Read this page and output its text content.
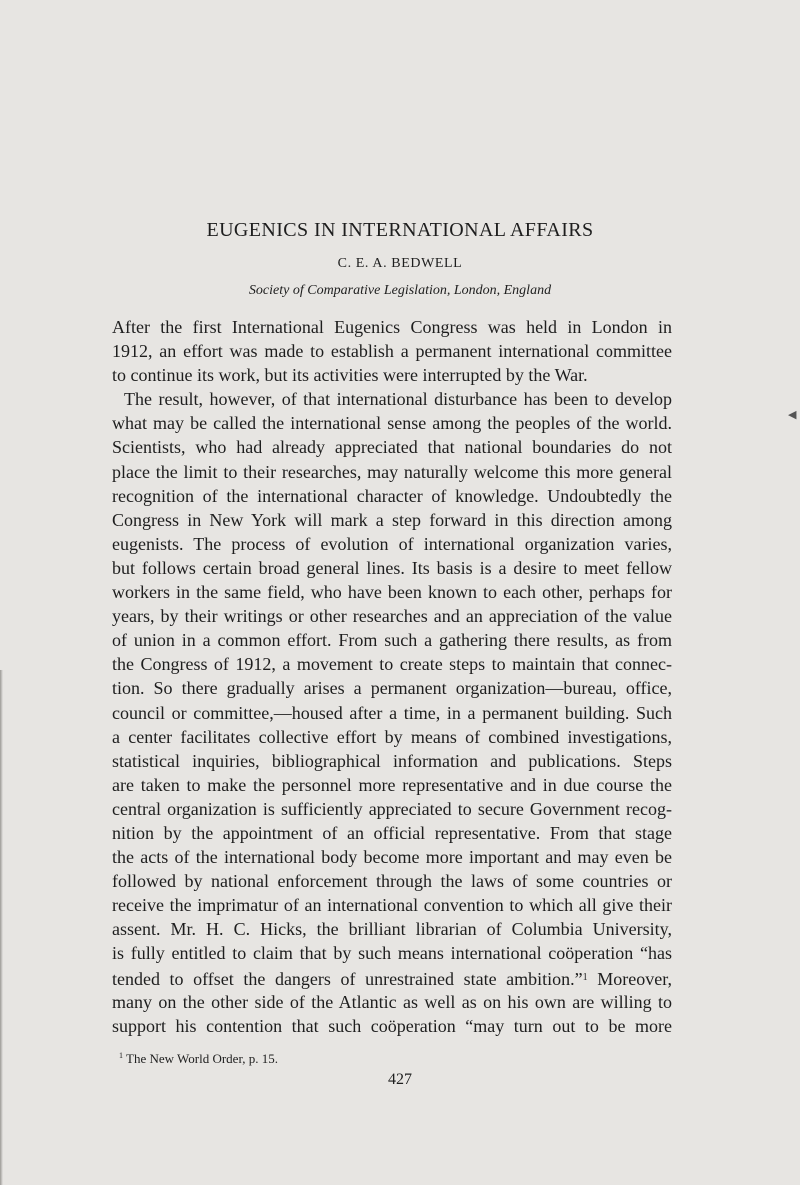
◀
EUGENICS IN INTERNATIONAL AFFAIRS
C. E. A. BEDWELL
Society of Comparative Legislation, London, England
After the first International Eugenics Congress was held in London in
1912, an effort was made to establish a permanent international committee
to continue its work, but its activities were interrupted by the War.
The result, however, of that international disturbance has been to develop
what may be called the international sense among the peoples of the world.
Scientists, who had already appreciated that national boundaries do not
place the limit to their researches, may naturally welcome this more general
recognition of the international character of knowledge. Undoubtedly the
Congress in New York will mark a step forward in this direction among
eugenists. The process of evolution of international organization varies,
but follows certain broad general lines. Its basis is a desire to meet fellow
workers in the same field, who have been known to each other, perhaps for
years, by their writings or other researches and an appreciation of the value
of union in a common effort. From such a gathering there results, as from
the Congress of 1912, a movement to create steps to maintain that connec-
tion. So there gradually arises a permanent organization—bureau, office,
council or committee,—housed after a time, in a permanent building. Such
a center facilitates collective effort by means of combined investigations,
statistical inquiries, bibliographical information and publications. Steps
are taken to make the personnel more representative and in due course the
central organization is sufficiently appreciated to secure Government recog-
nition by the appointment of an official representative. From that stage
the acts of the international body become more important and may even be
followed by national enforcement through the laws of some countries or
receive the imprimatur of an international convention to which all give their
assent. Mr. H. C. Hicks, the brilliant librarian of Columbia University,
is fully entitled to claim that by such means international coöperation “has
tended to offset the dangers of unrestrained state ambition.”$^1$ Moreover,
many on the other side of the Atlantic as well as on his own are willing to
support his contention that such coöperation “may turn out to be more
$^1$ The New World Order, p. 15.
427
